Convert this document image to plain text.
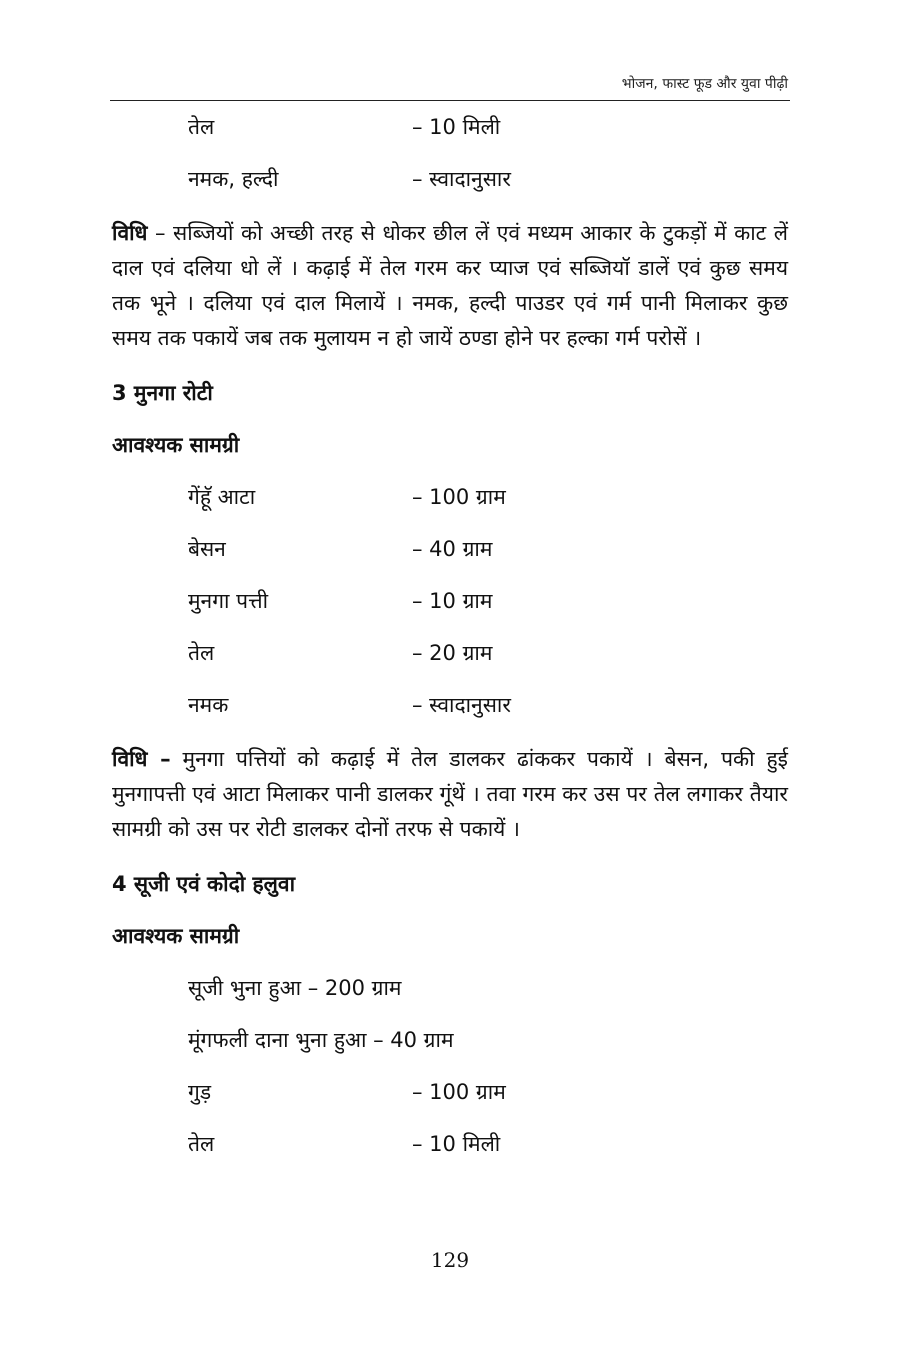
भोजन, फास्ट फूड और युवा पीढ़ी
तेल	– 10 मिली
नमक, हल्दी	– स्वादानुसार

विधि – सब्जियों को अच्छी तरह से धोकर छील लें एवं मध्यम आकार के टुकड़ों में काट लें दाल एवं दलिया धो लें । कढ़ाई में तेल गरम कर प्याज एवं सब्जियॉ डालें एवं कुछ समय तक भूने । दलिया एवं दाल मिलायें । नमक, हल्दी पाउडर एवं गर्म पानी मिलाकर कुछ समय तक पकायें जब तक मुलायम न हो जायें ठण्डा होने पर हल्का गर्म परोसें ।

3 मुनगा रोटी

आवश्यक सामग्री

गेंहूॅ आटा	– 100 ग्राम
बेसन	– 40 ग्राम
मुनगा पत्ती	– 10 ग्राम
तेल	– 20 ग्राम
नमक	– स्वादानुसार

विधि – मुनगा पत्तियों को कढ़ाई में तेल डालकर ढांककर पकायें । बेसन, पकी हुई मुनगापत्ती एवं आटा मिलाकर पानी डालकर गूंथें । तवा गरम कर उस पर तेल लगाकर तैयार सामग्री को उस पर रोटी डालकर दोनों तरफ से पकायें ।

4 सूजी एवं कोदो हलुवा

आवश्यक सामग्री

सूजी भुना हुआ – 200 ग्राम
मूंगफली दाना भुना हुआ – 40 ग्राम
गुड़	– 100 ग्राम
तेल	– 10 मिली
129
